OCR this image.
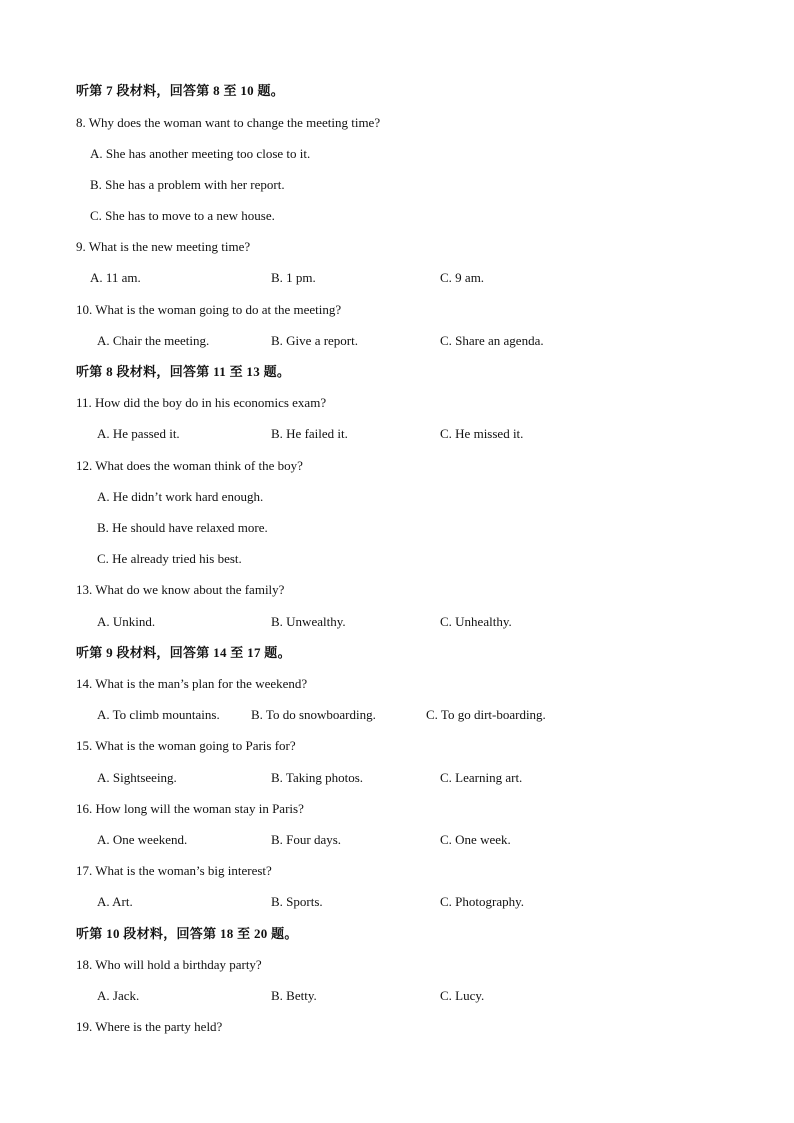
听第 7 段材料，回答第 8 至 10 题。
8. Why does the woman want to change the meeting time?
A. She has another meeting too close to it.
B. She has a problem with her report.
C. She has to move to a new house.
9. What is the new meeting time?
A. 11 am.	B. 1 pm.	C. 9 am.
10. What is the woman going to do at the meeting?
A. Chair the meeting.	B. Give a report.	C. Share an agenda.
听第 8 段材料，回答第 11 至 13 题。
11. How did the boy do in his economics exam?
A. He passed it.	B. He failed it.	C. He missed it.
12. What does the woman think of the boy?
A. He didn’t work hard enough.
B. He should have relaxed more.
C. He already tried his best.
13. What do we know about the family?
A. Unkind.	B. Unwealthy.	C. Unhealthy.
听第 9 段材料，回答第 14 至 17 题。
14. What is the man’s plan for the weekend?
A. To climb mountains. B. To do snowboarding.	C. To go dirt-boarding.
15. What is the woman going to Paris for?
A. Sightseeing.	B. Taking photos.	C. Learning art.
16. How long will the woman stay in Paris?
A. One weekend.	B. Four days.	C. One week.
17. What is the woman’s big interest?
A. Art.	B. Sports.	C. Photography.
听第 10 段材料，回答第 18 至 20 题。
18. Who will hold a birthday party?
A. Jack.	B. Betty.	C. Lucy.
19. Where is the party held?
